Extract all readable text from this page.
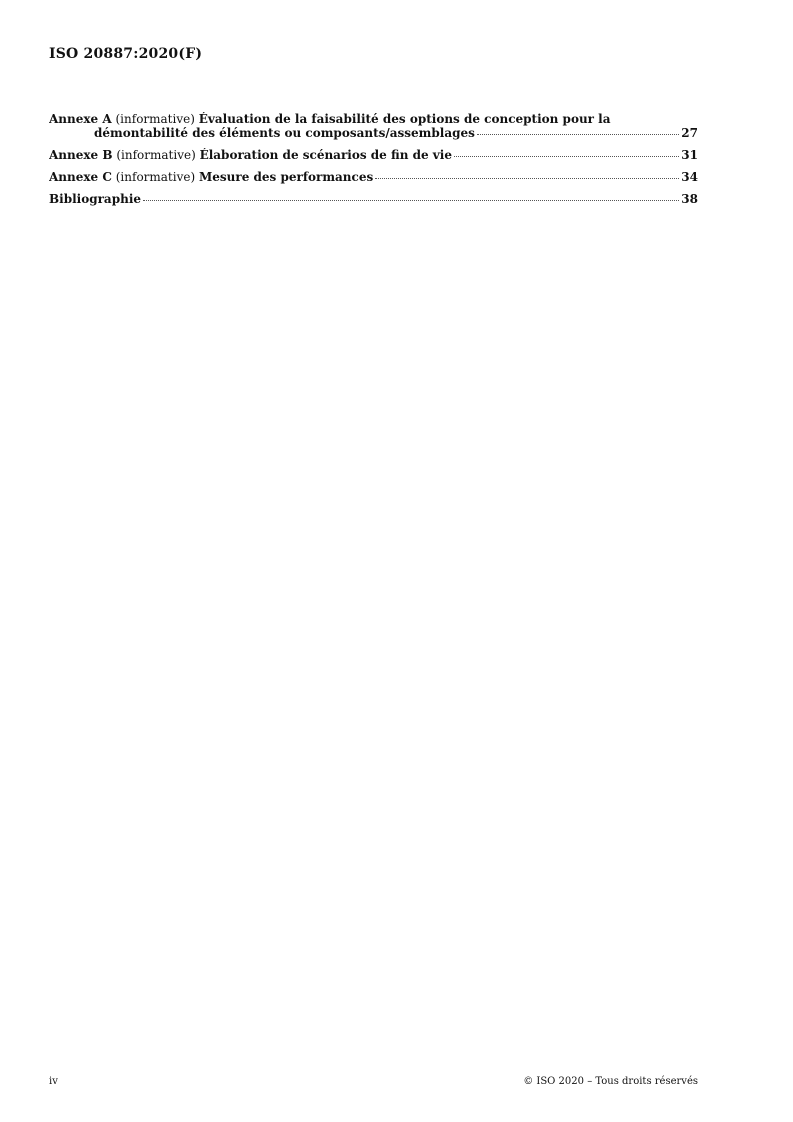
ISO 20887:2020(F)
Annexe A (informative) Évaluation de la faisabilité des options de conception pour la
démontabilité des éléments ou composants/assemblages	27
Annexe B (informative) Élaboration de scénarios de fin de vie	31
Annexe C (informative) Mesure des performances	34
Bibliographie	38
iv	© ISO 2020 – Tous droits réservés
